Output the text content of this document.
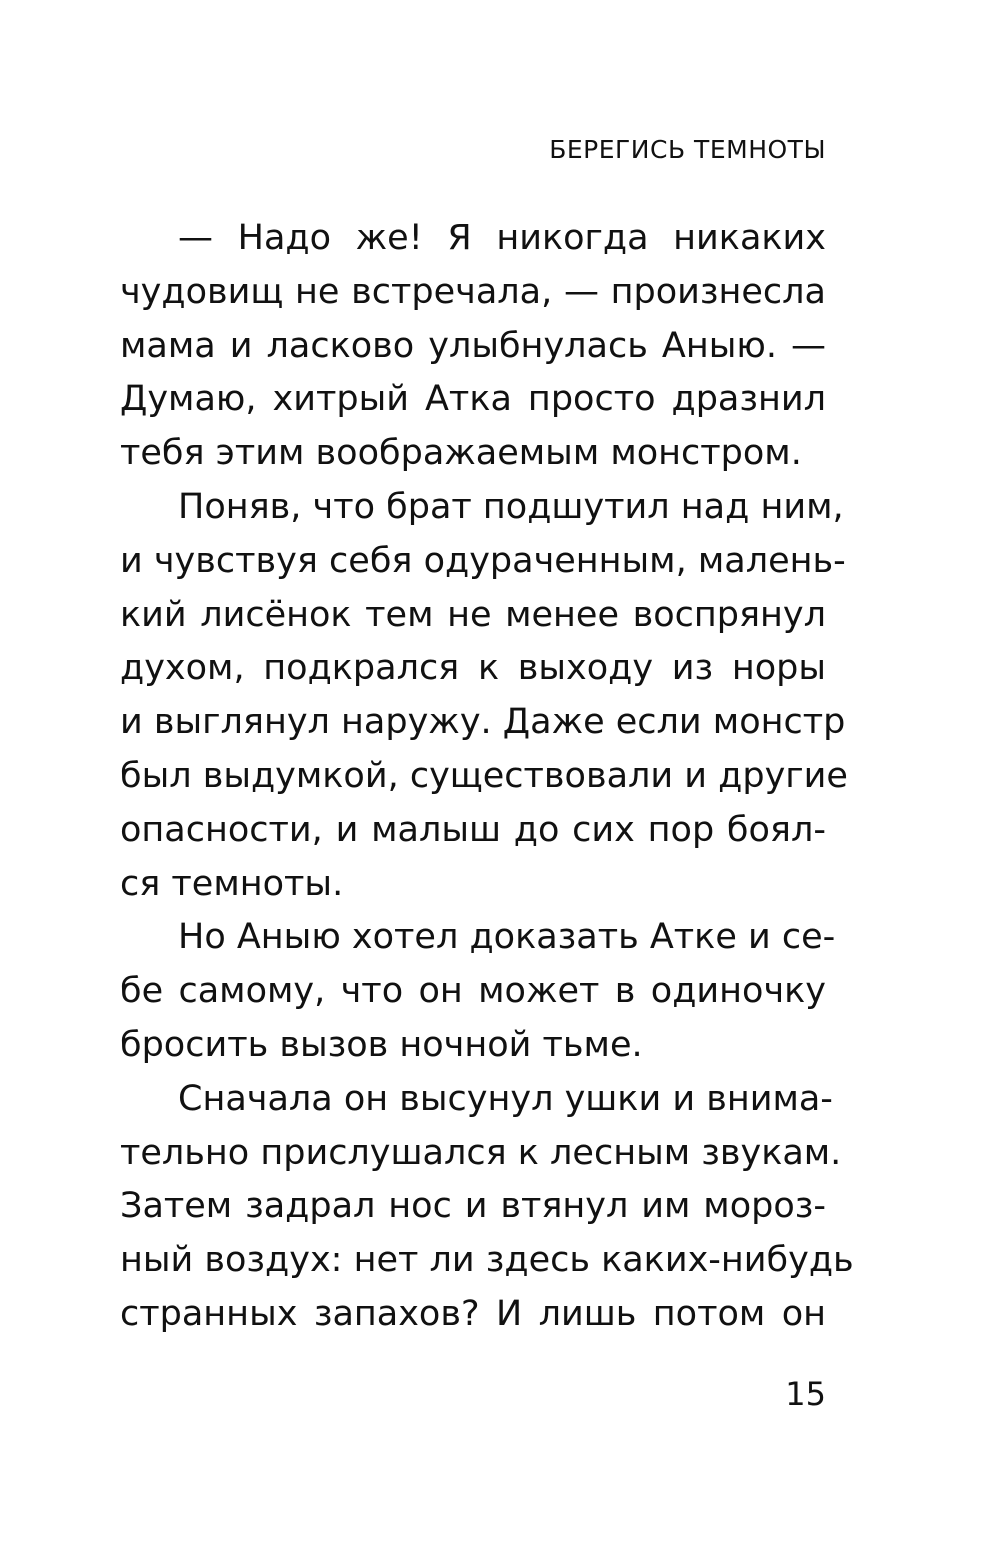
БЕРЕГИСЬ ТЕМНОТЫ
— Надо же! Я никогда никаких
чудовищ не встречала, — произнесла
мама и ласково улыбнулась Аныю. —
Думаю, хитрый Атка просто дразнил
тебя этим воображаемым монстром.
Поняв, что брат подшутил над ним,
и чувствуя себя одураченным, малень-
кий лисёнок тем не менее воспрянул
духом, подкрался к выходу из норы
и выглянул наружу. Даже если монстр
был выдумкой, существовали и другие
опасности, и малыш до сих пор боял-
ся темноты.
Но Аныю хотел доказать Атке и се-
бе самому, что он может в одиночку
бросить вызов ночной тьме.
Сначала он высунул ушки и внима-
тельно прислушался к лесным звукам.
Затем задрал нос и втянул им мороз-
ный воздух: нет ли здесь каких-нибудь
странных запахов? И лишь потом он
15
